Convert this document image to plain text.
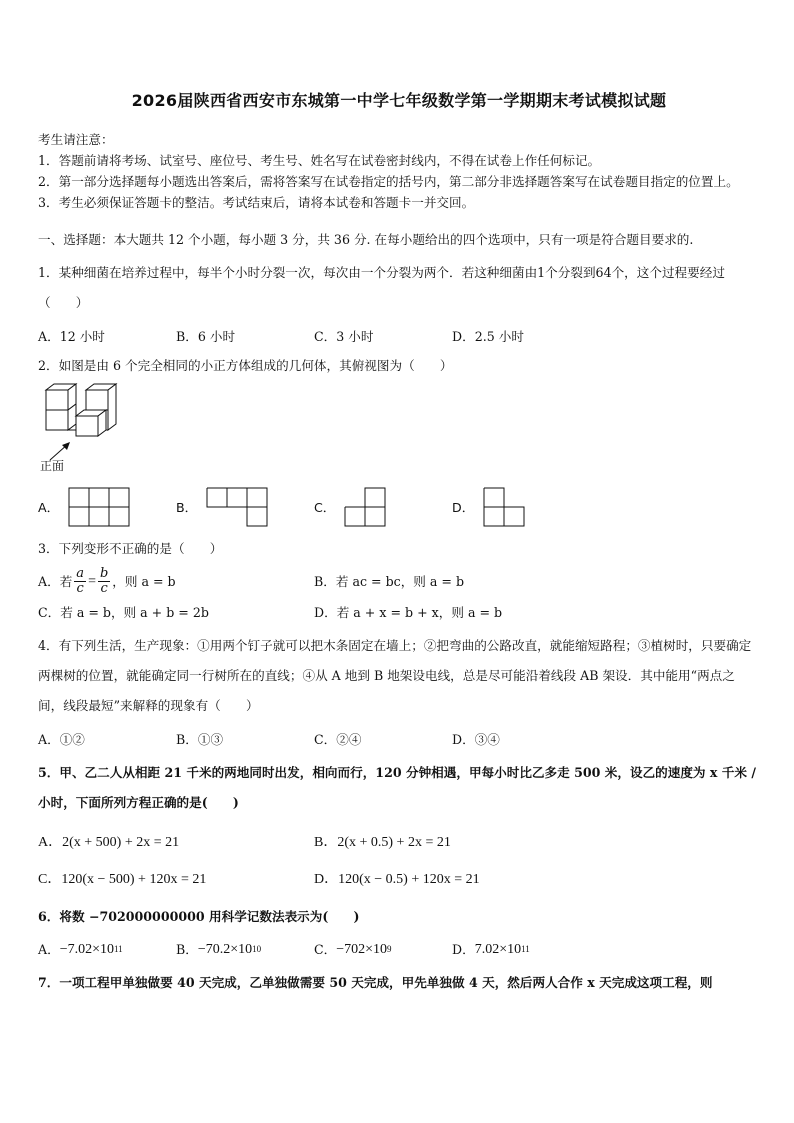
2026届陕西省西安市东城第一中学七年级数学第一学期期末考试模拟试题

考生请注意：

1．答题前请将考场、试室号、座位号、考生号、姓名写在试卷密封线内，不得在试卷上作任何标记。

2．第一部分选择题每小题选出答案后，需将答案写在试卷指定的括号内，第二部分非选择题答案写在试卷题目指定的位置上。

3．考生必须保证答题卡的整洁。考试结束后，请将本试卷和答题卡一并交回。

一、选择题：本大题共 12 个小题，每小题 3 分，共 36 分. 在每小题给出的四个选项中，只有一项是符合题目要求的.

1．某种细菌在培养过程中，每半个小时分裂一次，每次由一个分裂为两个．若这种细菌由1个分裂到64个，这个过程要经过（　　）

A．12 小时	B．6 小时	C．3 小时	D．2.5 小时

2．如图是由 6 个完全相同的小正方体组成的几何体，其俯视图为（　　）

正面
A．	B．	C．	D．

3．下列变形不正确的是（　　）

A． 若 $\frac{a}{c} = \frac{b}{c}$ ，则 a = b	B． 若 ac = bc，则 a = b
C． 若 a = b，则 a + b = 2b	D． 若 a + x = b + x，则 a = b

4．有下列生活，生产现象：①用两个钉子就可以把木条固定在墙上；②把弯曲的公路改直，就能缩短路程；③植树时，只要确定两棵树的位置，就能确定同一行树所在的直线；④从 A 地到 B 地架设电线，总是尽可能沿着线段 AB 架设．其中能用“两点之间，线段最短”来解释的现象有（　　）

A．①②	B．①③	C．②④	D．③④

5．甲、乙二人从相距 21 千米的两地同时出发，相向而行，120 分钟相遇，甲每小时比乙多走 500 米，设乙的速度为 x 千米 / 小时，下面所列方程正确的是(　　)

A．2(x + 500) + 2x = 21	B．2(x + 0.5) + 2x = 21
C．120(x − 500) + 120x = 21	D．120(x − 0.5) + 120x = 21

6．将数 −702000000000 用科学记数法表示为(　　)

A． −7.02×10 11	B． −70.2×10 10	C． −702×10 9	D． 7.02×10 11

7．一项工程甲单独做要 40 天完成，乙单独做需要 50 天完成，甲先单独做 4 天，然后两人合作 x 天完成这项工程，则
